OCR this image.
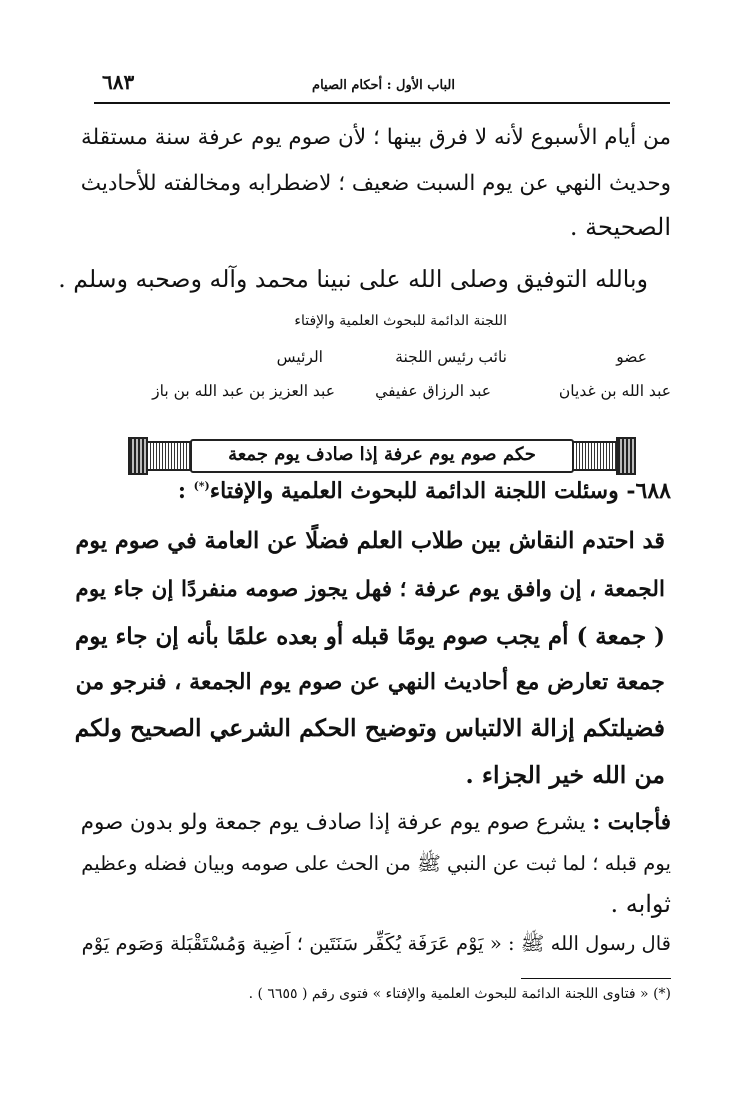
الباب الأول : أحكام الصيام
٦٨٣
من أيام الأسبوع لأنه لا فرق بينها ؛ لأن صوم يوم عرفة سنة مستقلة
وحديث النهي عن يوم السبت ضعيف ؛ لاضطرابه ومخالفته للأحاديث
الصحيحة .
وبالله التوفيق وصلى الله على نبينا محمد وآله وصحبه وسلم .
اللجنة الدائمة للبحوث العلمية والإفتاء
عضو
نائب رئيس اللجنة
الرئيس
عبد الله بن غديان
عبد الرزاق عفيفي
عبد العزيز بن عبد الله بن باز
حكم صوم يوم عرفة إذا صادف يوم جمعة
٦٨٨- وسئلت اللجنة الدائمة للبحوث العلمية والإفتاء(*) :
قد احتدم النقاش بين طلاب العلم فضلًا عن العامة في صوم يوم
الجمعة ، إن وافق يوم عرفة ؛ فهل يجوز صومه منفردًا إن جاء يوم
( جمعة ) أم يجب صوم يومًا قبله أو بعده علمًا بأنه إن جاء يوم
جمعة تعارض مع أحاديث النهي عن صوم يوم الجمعة ، فنرجو من
فضيلتكم إزالة الالتباس وتوضيح الحكم الشرعي الصحيح ولكم
من الله خير الجزاء .
فأجابت : يشرع صوم يوم عرفة إذا صادف يوم جمعة ولو بدون صوم
يوم قبله ؛ لما ثبت عن النبي ﷺ من الحث على صومه وبيان فضله وعظيم
ثوابه .
قال رسول الله ﷺ : « يَوْم عَرَفَة يُكَفِّر سَنَتَين ؛ اَضِية وَمُسْتَقْبَلة وَصَوم يَوْم
(*) « فتاوى اللجنة الدائمة للبحوث العلمية والإفتاء » فتوى رقم ( ٦٦٥٥ ) .
